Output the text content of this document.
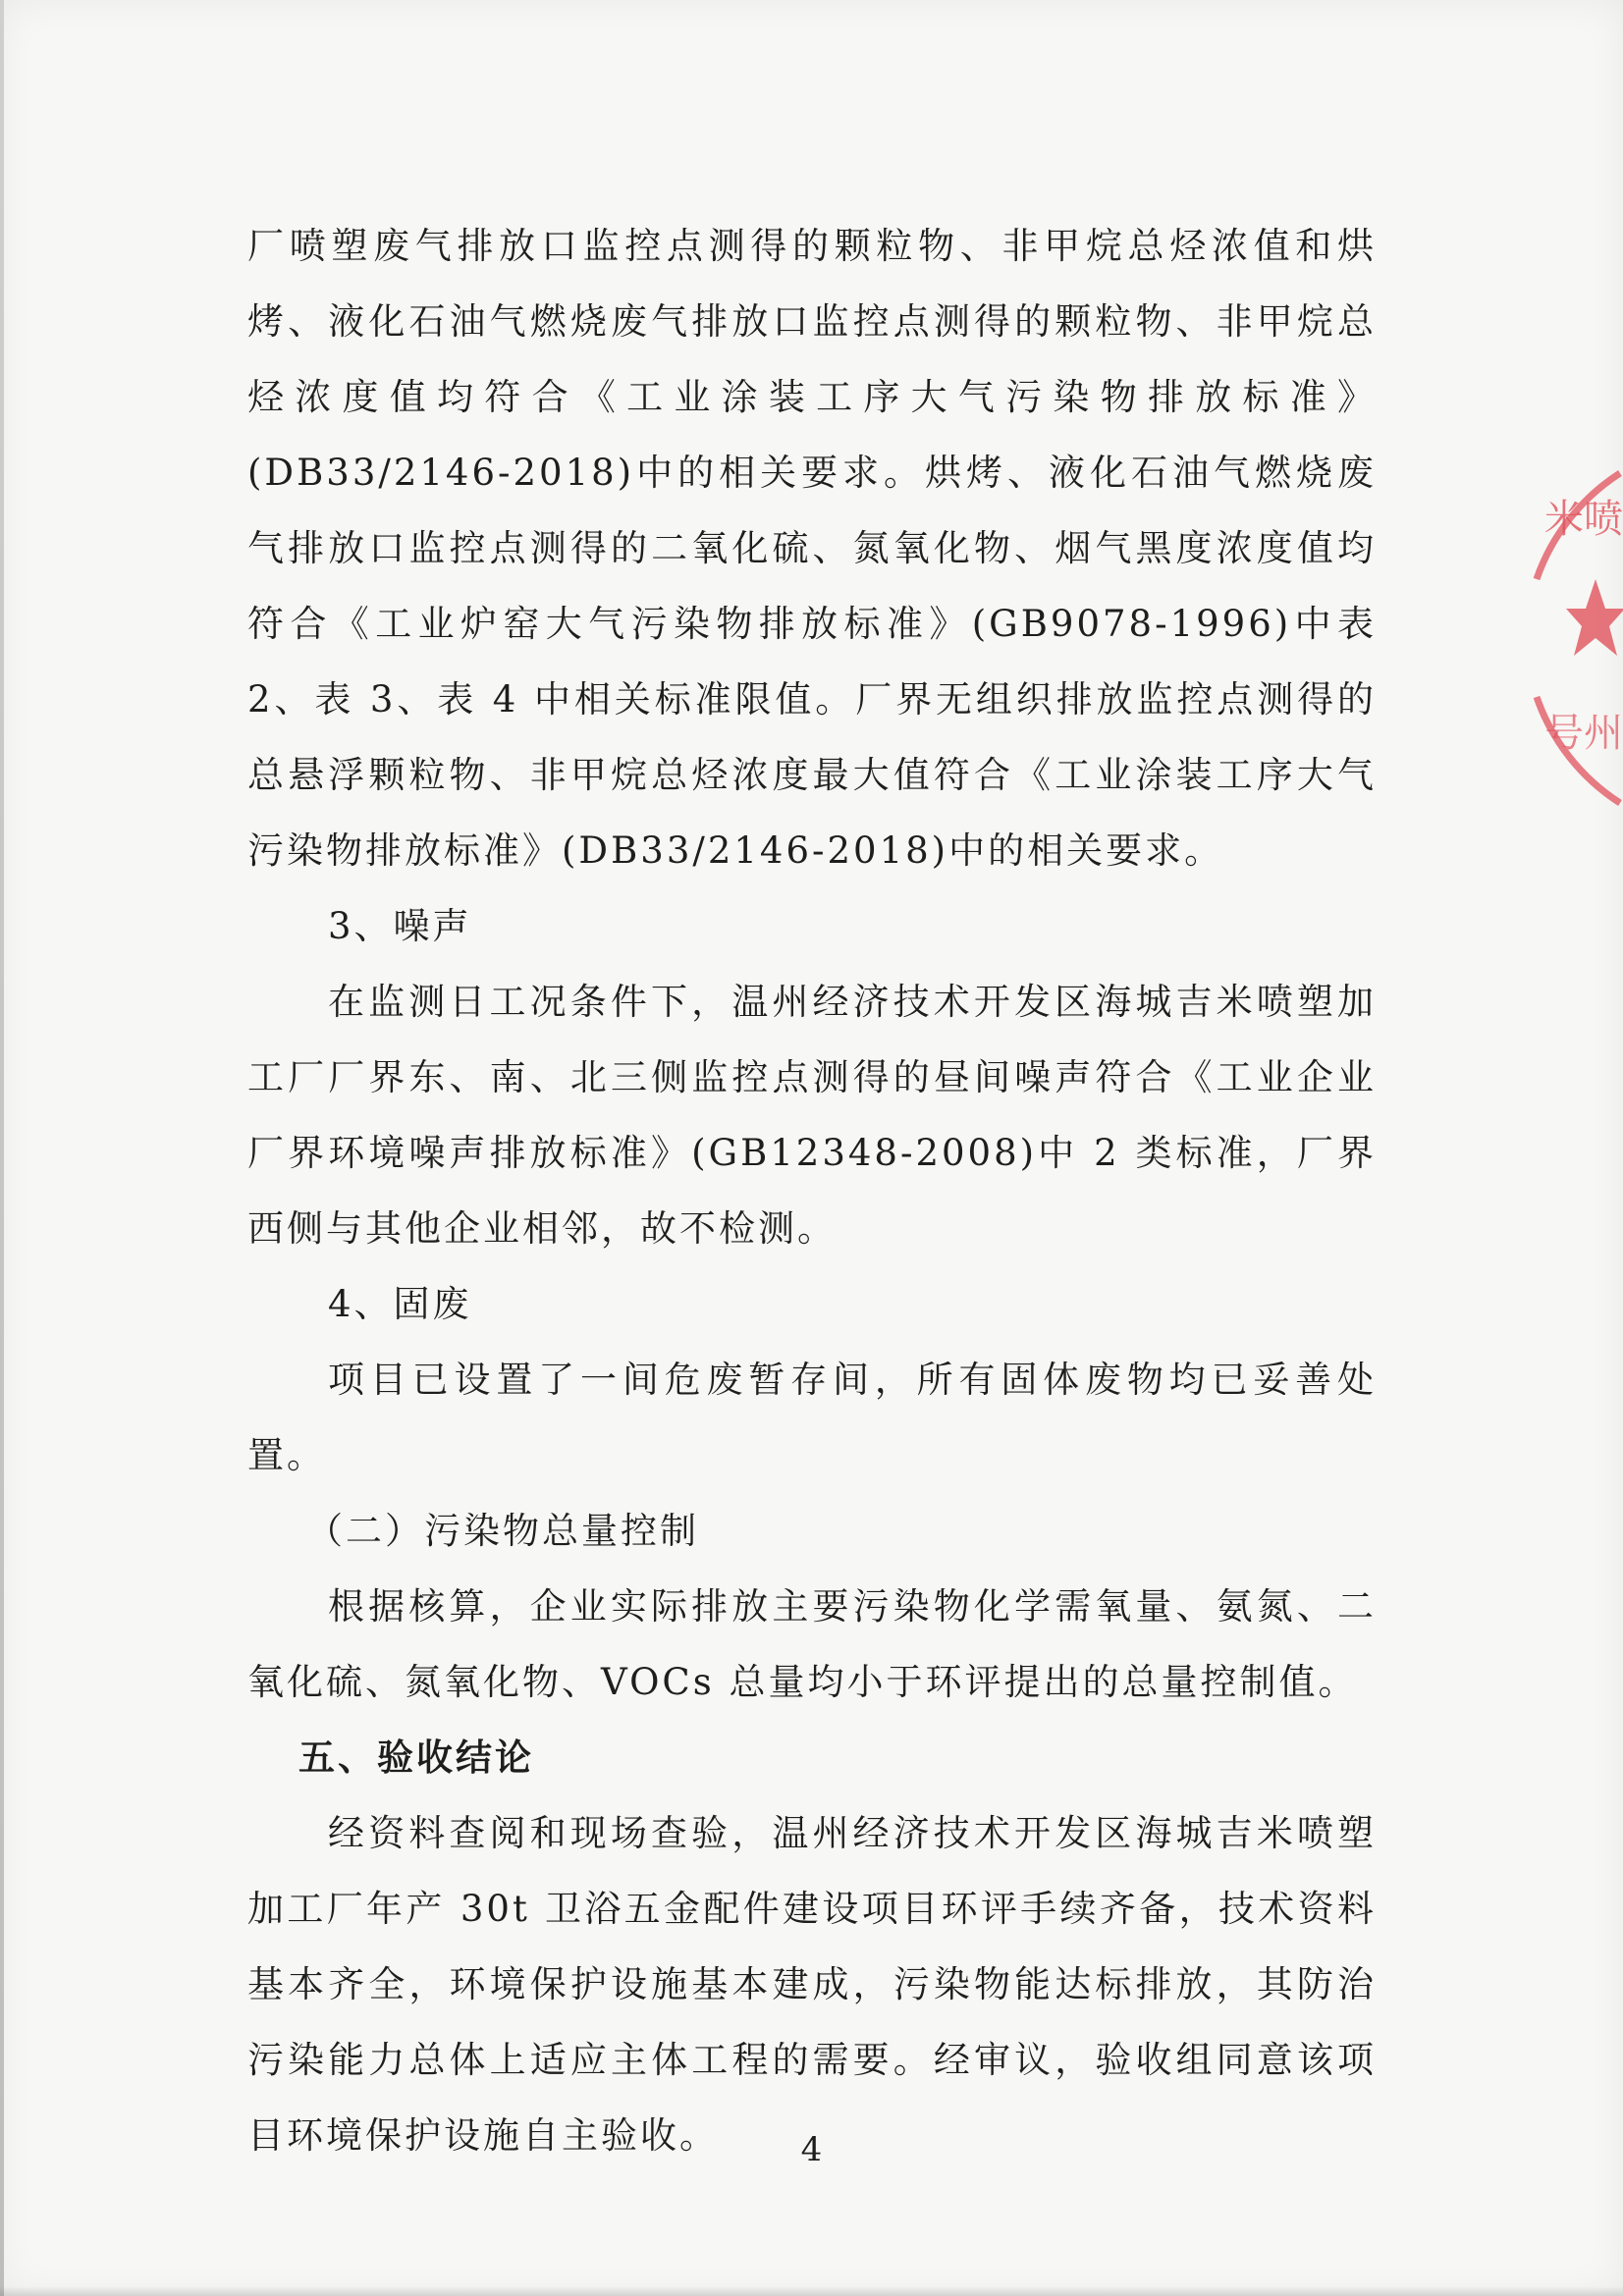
厂喷塑废气排放口监控点测得的颗粒物、非甲烷总烃浓值和烘烤、液化石油气燃烧废气排放口监控点测得的颗粒物、非甲烷总烃浓度值均符合《工业涂装工序大气污染物排放标准》(DB33/2146-2018)中的相关要求。烘烤、液化石油气燃烧废气排放口监控点测得的二氧化硫、氮氧化物、烟气黑度浓度值均符合《工业炉窑大气污染物排放标准》(GB9078-1996)中表 2、表 3、表 4 中相关标准限值。厂界无组织排放监控点测得的总悬浮颗粒物、非甲烷总烃浓度最大值符合《工业涂装工序大气污染物排放标准》(DB33/2146-2018)中的相关要求。

3、噪声

在监测日工况条件下，温州经济技术开发区海城吉米喷塑加工厂厂界东、南、北三侧监控点测得的昼间噪声符合《工业企业厂界环境噪声排放标准》(GB12348-2008)中 2 类标准，厂界西侧与其他企业相邻，故不检测。

4、固废

项目已设置了一间危废暂存间，所有固体废物均已妥善处置。

（二）污染物总量控制

根据核算，企业实际排放主要污染物化学需氧量、氨氮、二氧化硫、氮氧化物、VOCs 总量均小于环评提出的总量控制值。

五、验收结论

经资料查阅和现场查验，温州经济技术开发区海城吉米喷塑加工厂年产 30t 卫浴五金配件建设项目环评手续齐备，技术资料基本齐全，环境保护设施基本建成，污染物能达标排放，其防治污染能力总体上适应主体工程的需要。经审议，验收组同意该项目环境保护设施自主验收。	4
米喷
号州
